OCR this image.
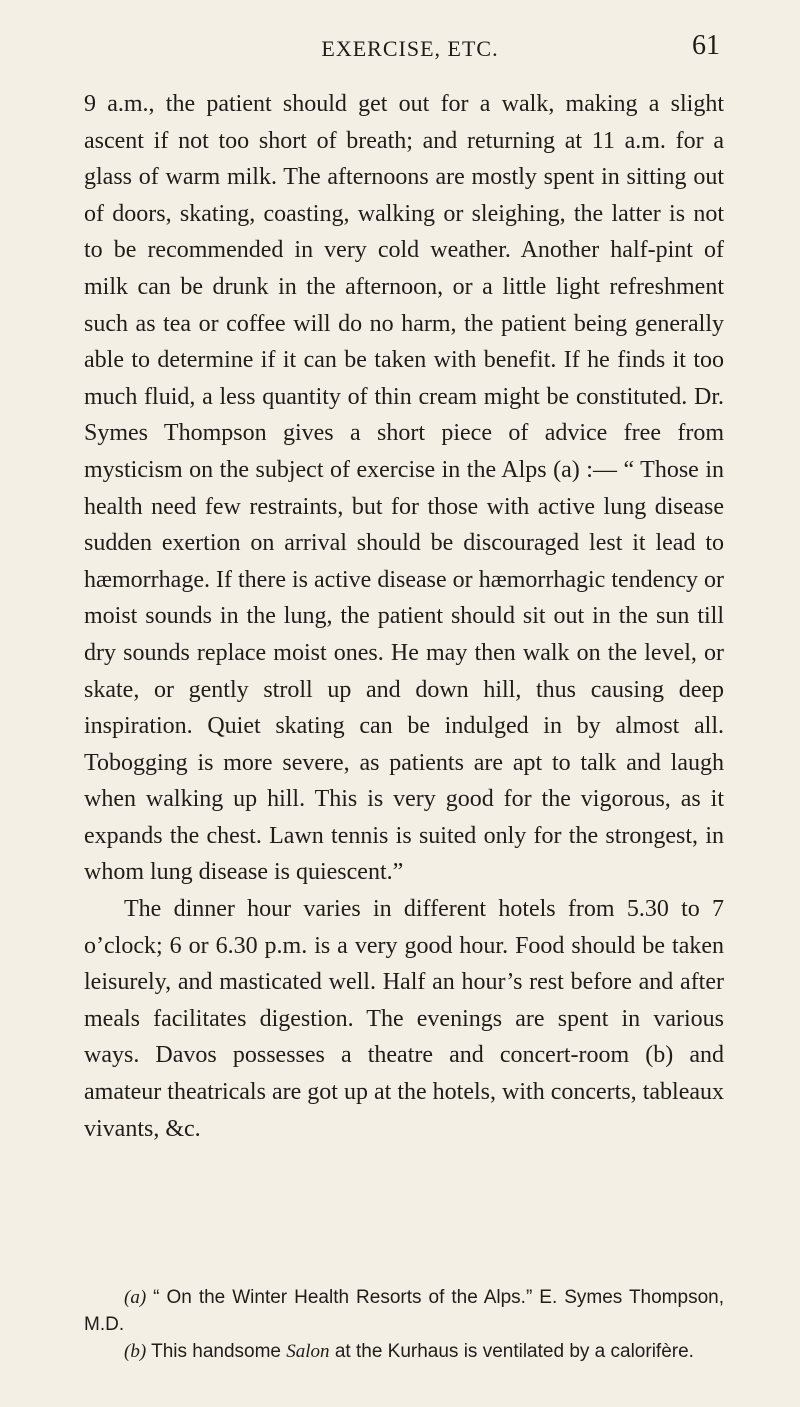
EXERCISE, ETC.	61

9 a.m., the patient should get out for a walk, making a slight ascent if not too short of breath; and returning at 11 a.m. for a glass of warm milk. The afternoons are mostly spent in sitting out of doors, skating, coasting, walking or sleighing, the latter is not to be recommended in very cold weather. Another half-pint of milk can be drunk in the afternoon, or a little light refreshment such as tea or coffee will do no harm, the patient being generally able to determine if it can be taken with benefit. If he finds it too much fluid, a less quantity of thin cream might be constituted. Dr. Symes Thompson gives a short piece of advice free from mysticism on the subject of exercise in the Alps (a) :— “ Those in health need few restraints, but for those with active lung disease sudden exertion on arrival should be discouraged lest it lead to hæmorrhage. If there is active disease or hæmorrhagic tendency or moist sounds in the lung, the patient should sit out in the sun till dry sounds replace moist ones. He may then walk on the level, or skate, or gently stroll up and down hill, thus causing deep inspiration. Quiet skating can be indulged in by almost all. Tobogging is more severe, as patients are apt to talk and laugh when walking up hill. This is very good for the vigorous, as it expands the chest. Lawn tennis is suited only for the strongest, in whom lung disease is quiescent.”

The dinner hour varies in different hotels from 5.30 to 7 o’clock; 6 or 6.30 p.m. is a very good hour. Food should be taken leisurely, and masticated well. Half an hour’s rest before and after meals facilitates digestion. The evenings are spent in various ways. Davos possesses a theatre and concert-room (b) and amateur theatricals are got up at the hotels, with concerts, tableaux vivants, &c.

(a) “ On the Winter Health Resorts of the Alps.” E. Symes Thompson, M.D.

(b) This handsome Salon at the Kurhaus is ventilated by a calorifère.
